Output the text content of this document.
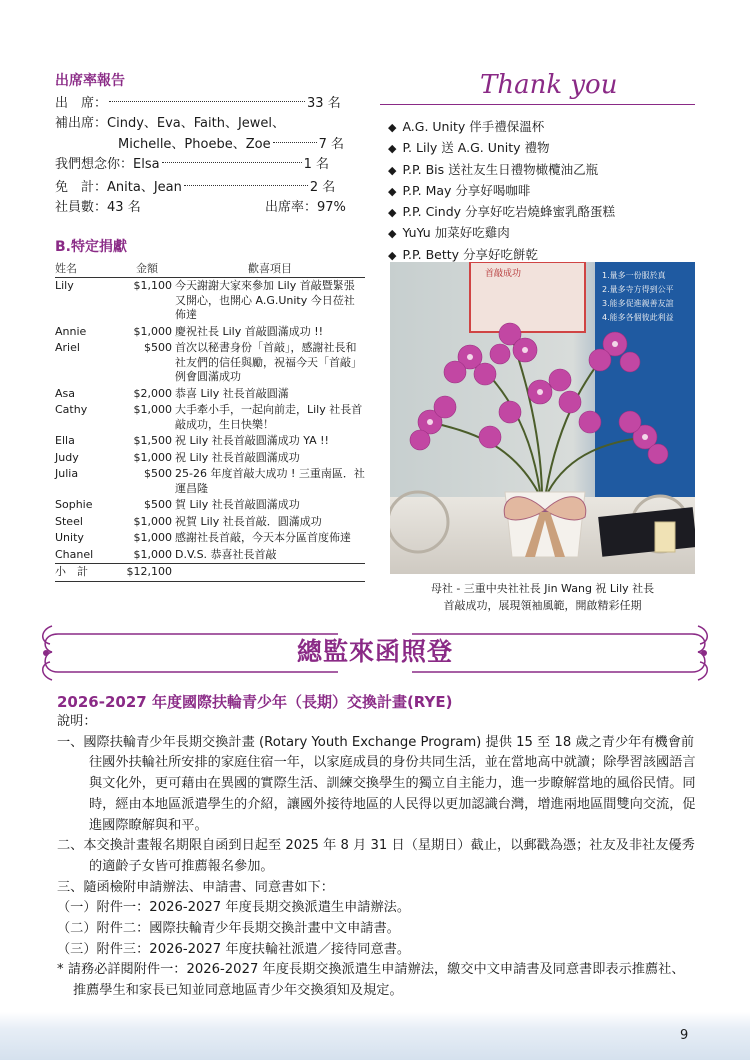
出席率報告
出　席：	33 名
補出席：Cindy、Eva、Faith、Jewel、
Michelle、Phoebe、Zoe	7 名
我們想念你：Elsa	1 名
免　計：Anita、Jean	2 名
社員數：43 名	出席率：97%
B.特定捐獻
姓名	金額	歡喜項目
Lily	$1,100	今天謝謝大家來參加 Lily 首敲暨緊張又開心，也開心 A.G.Unity 今日莅社佈達
Annie	$1,000	慶祝社長 Lily 首敲圓滿成功 !!
Ariel	$500	首次以秘書身份「首敲」，感謝社長和社友們的信任與勵，祝福今天「首敲」例會圓滿成功
Asa	$2,000	恭喜 Lily 社長首敲圓滿
Cathy	$1,000	大手牽小手，一起向前走，Lily 社長首敲成功，生日快樂！
Ella	$1,500	祝 Lily 社長首敲圓滿成功 YA !!
Judy	$1,000	祝 Lily 社長首敲圓滿成功
Julia	$500	25-26 年度首敲大成功 ! 三重南區．社運昌隆
Sophie	$500	賀 Lily 社長首敲圓滿成功
Steel	$1,000	祝賀 Lily 社長首敲．圓滿成功
Unity	$1,000	感謝社長首敲，今天本分區首度佈達
Chanel	$1,000	D.V.S. 恭喜社長首敲
小　計	$12,100	
Thank you
◆ A.G. Unity 伴手禮保溫杯
◆ P. Lily 送 A.G. Unity 禮物
◆ P.P. Bis 送社友生日禮物橄欖油乙瓶
◆ P.P. May 分享好喝咖啡
◆ P.P. Cindy 分享好吃岩燒蜂蜜乳酪蛋糕
◆ YuYu 加菜好吃雞肉
◆ P.P. Betty 分享好吃餅乾
首敲成功	1.量多一份服於真
2.量多寺方得到公平
3.能多促進親善友誼
4.能多各個彼此利益
母社 - 三重中央社社長 Jin Wang 祝 Lily 社長
首敲成功，展現領袖風範，開啟精彩任期
總監來函照登
2026-2027 年度國際扶輪青少年（長期）交換計畫(RYE)

說明：

一、國際扶輪青少年長期交換計畫 (Rotary Youth Exchange Program) 提供 15 至 18 歲之青少年有機會前往國外扶輪社所安排的家庭住宿一年，以家庭成員的身份共同生活，並在當地高中就讀；除學習該國語言與文化外，更可藉由在異國的實際生活、訓練交換學生的獨立自主能力，進一步瞭解當地的風俗民情。同時，經由本地區派遣學生的介紹，讓國外接待地區的人民得以更加認識台灣，增進兩地區間雙向交流，促進國際瞭解與和平。

二、本交換計畫報名期限自函到日起至 2025 年 8 月 31 日（星期日）截止，以郵戳為憑；社友及非社友優秀的適齡子女皆可推薦報名參加。

三、隨函檢附申請辦法、申請書、同意書如下：

（一）附件一：2026-2027 年度長期交換派遣生申請辦法。

（二）附件二：國際扶輪青少年長期交換計畫中文申請書。

（三）附件三：2026-2027 年度扶輪社派遣／接待同意書。

* 請務必詳閱附件一：2026-2027 年度長期交換派遣生申請辦法，繳交中文申請書及同意書即表示推薦社、推薦學生和家長已知並同意地區青少年交換須知及規定。

9
